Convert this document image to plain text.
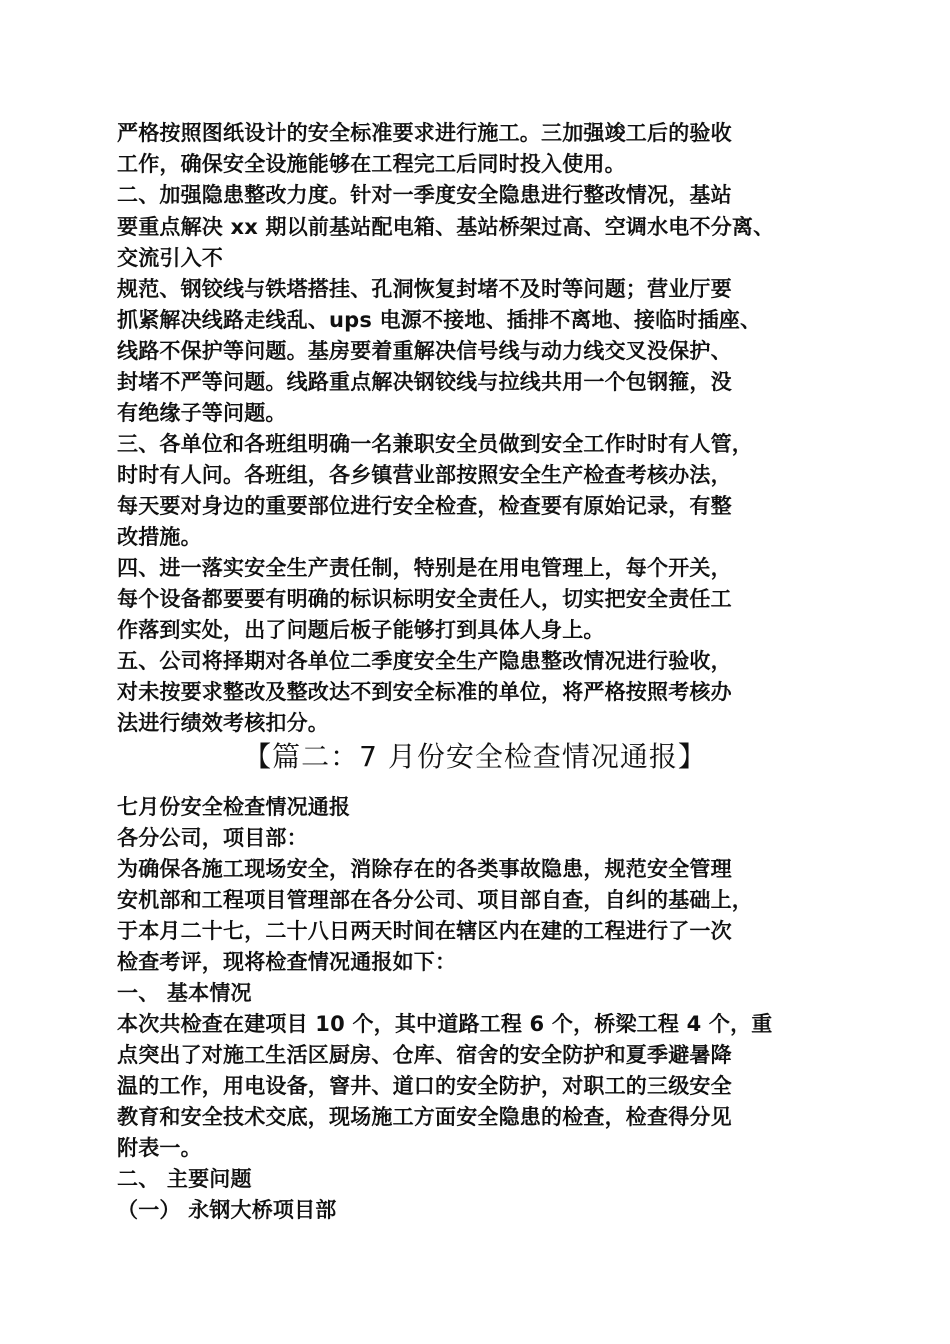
严格按照图纸设计的安全标准要求进行施工。三加强竣工后的验收
工作，确保安全设施能够在工程完工后同时投入使用。
二、加强隐患整改力度。针对一季度安全隐患进行整改情况，基站
要重点解决 xx 期以前基站配电箱、基站桥架过高、空调水电不分离、
交流引入不
规范、钢铰线与铁塔搭挂、孔洞恢复封堵不及时等问题；营业厅要
抓紧解决线路走线乱、ups 电源不接地、插排不离地、接临时插座、
线路不保护等问题。基房要着重解决信号线与动力线交叉没保护、
封堵不严等问题。线路重点解决钢铰线与拉线共用一个包钢箍，没
有绝缘子等问题。
三、各单位和各班组明确一名兼职安全员做到安全工作时时有人管，
时时有人问。各班组，各乡镇营业部按照安全生产检查考核办法，
每天要对身边的重要部位进行安全检查，检查要有原始记录，有整
改措施。
四、进一落实安全生产责任制，特别是在用电管理上，每个开关，
每个设备都要要有明确的标识标明安全责任人，切实把安全责任工
作落到实处，出了问题后板子能够打到具体人身上。
五、公司将择期对各单位二季度安全生产隐患整改情况进行验收，
对未按要求整改及整改达不到安全标准的单位，将严格按照考核办
法进行绩效考核扣分。
【篇二：7 月份安全检查情况通报】
七月份安全检查情况通报
各分公司，项目部：
为确保各施工现场安全，消除存在的各类事故隐患，规范安全管理
安机部和工程项目管理部在各分公司、项目部自查，自纠的基础上，
于本月二十七，二十八日两天时间在辖区内在建的工程进行了一次
检查考评，现将检查情况通报如下：
一、 基本情况
本次共检查在建项目 10 个，其中道路工程 6 个，桥梁工程 4 个，重
点突出了对施工生活区厨房、仓库、宿舍的安全防护和夏季避暑降
温的工作，用电设备，窨井、道口的安全防护，对职工的三级安全
教育和安全技术交底，现场施工方面安全隐患的检查，检查得分见
附表一。
二、 主要问题
（一） 永钢大桥项目部
